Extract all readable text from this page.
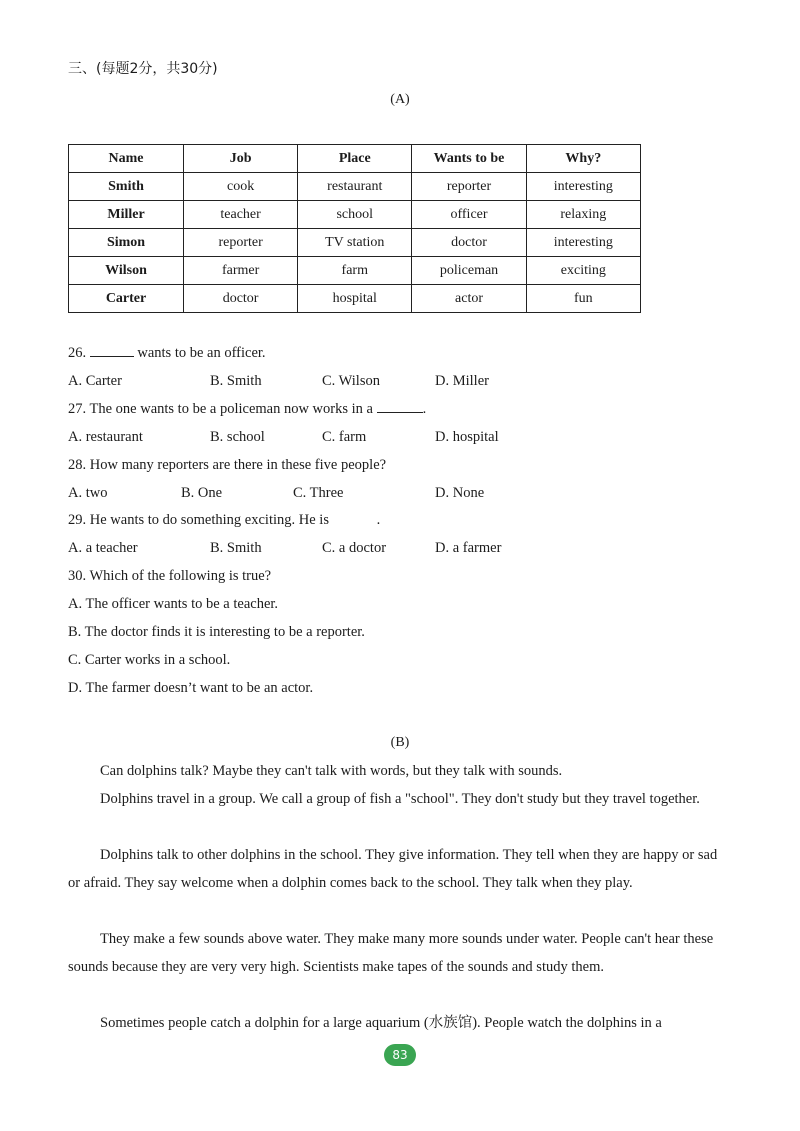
三、(每题2分，共30分)
(A)
Name	Job	Place	Wants to be	Why?
Smith	cook	restaurant	reporter	interesting
Miller	teacher	school	officer	relaxing
Simon	reporter	TV station	doctor	interesting
Wilson	farmer	farm	policeman	exciting
Carter	doctor	hospital	actor	fun
26.	wants to be an officer.
A. Carter	B. Smith	C. Wilson	D. Miller
27. The one wants to be a policeman now works in a	.
A. restaurant	B. school	C. farm	D. hospital
28. How many reporters are there in these five people?
A. two	B. One	C. Three	D. None
29. He wants to do something exciting. He is	.
A. a teacher	B. Smith	C. a doctor	D. a farmer
30. Which of the following is true?
A. The officer wants to be a teacher.
B. The doctor finds it is interesting to be a reporter.
C. Carter works in a school.
D. The farmer doesn’t want to be an actor.
(B)

Can dolphins talk? Maybe they can't talk with words, but they talk with sounds.

Dolphins travel in a group. We call a group of fish a "school". They don't study but they travel together.

Dolphins talk to other dolphins in the school. They give information. They tell when they are happy or sad or afraid. They say welcome when a dolphin comes back to the school. They talk when they play.

They make a few sounds above water. They make many more sounds under water. People can't hear these sounds because they are very very high. Scientists make tapes of the sounds and study them.

Sometimes people catch a dolphin for a large aquarium (水族馆). People watch the dolphins in a

83
